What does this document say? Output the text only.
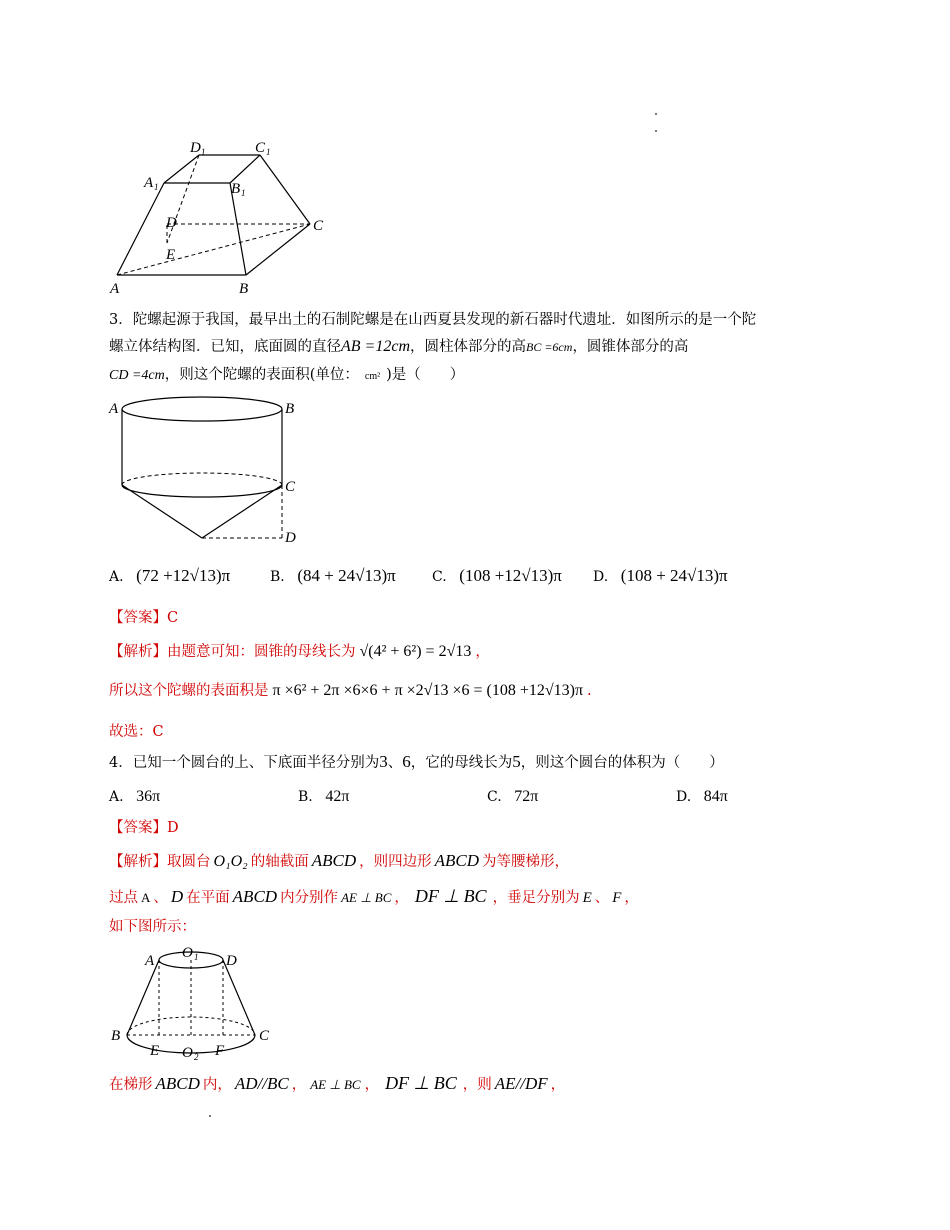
D 1	C 1
A 1	B 1
D	C
E
A	B
3．陀螺起源于我国，最早出土的石制陀螺是在山西夏县发现的新石器时代遗址．如图所示的是一个陀
螺立体结构图．已知，底面圆的直径AB =12cm，圆柱体部分的高BC =6cm，圆锥体部分的高
CD =4cm，则这个陀螺的表面积(单位： cm² )是（　　）
A	B
C
D
A. (72 +12√13)π	B. (84 + 24√13)π	C. (108 +12√13)π D. (108 + 24√13)π
【答案】C
【解析】由题意可知：圆锥的母线长为 √(4² + 6²) = 2√13 ，
所以这个陀螺的表面积是 π ×6² + 2π ×6×6 + π ×2√13 ×6 = (108 +12√13)π .
故选：C
4．已知一个圆台的上、下底面半径分别为3、6，它的母线长为5，则这个圆台的体积为（　　）
A. 36π	B. 42π	C. 72π	D. 84π
【答案】D
【解析】取圆台 O₁O₂ 的轴截面 ABCD ，则四边形 ABCD 为等腰梯形，
过点 A 、 D 在平面 ABCD 内分别作 AE ⊥ BC ， DF ⊥ BC ，垂足分别为 E 、 F ，
如下图所示：
A O 1 D
B	C
E O 2 F
在梯形 ABCD 内， AD//BC ， AE ⊥ BC ， DF ⊥ BC ，则 AE//DF ，
